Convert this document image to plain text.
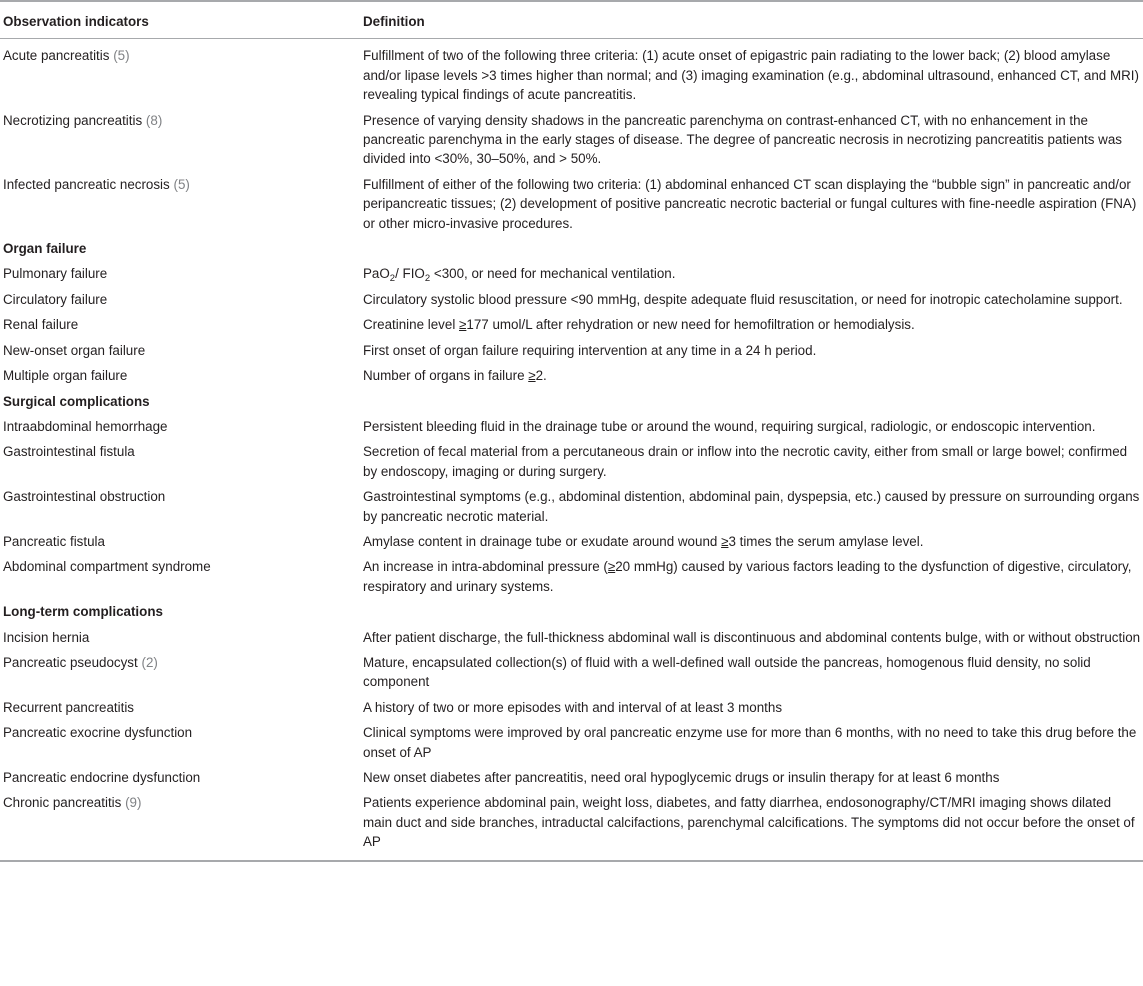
Observation indicators	Definition
Acute pancreatitis (5)	Fulfillment of two of the following three criteria: (1) acute onset of epigastric pain radiating to the lower back; (2) blood amylase and/or lipase levels >3 times higher than normal; and (3) imaging examination (e.g., abdominal ultrasound, enhanced CT, and MRI) revealing typical findings of acute pancreatitis.
Necrotizing pancreatitis (8)	Presence of varying density shadows in the pancreatic parenchyma on contrast-enhanced CT, with no enhancement in the pancreatic parenchyma in the early stages of disease. The degree of pancreatic necrosis in necrotizing pancreatitis patients was divided into <30%, 30–50%, and > 50%.
Infected pancreatic necrosis (5)	Fulfillment of either of the following two criteria: (1) abdominal enhanced CT scan displaying the “bubble sign” in pancreatic and/or peripancreatic tissues; (2) development of positive pancreatic necrotic bacterial or fungal cultures with fine-needle aspiration (FNA) or other micro-invasive procedures.
Organ failure	
Pulmonary failure	PaO$_2$/ $FIO_2 <300$, or need for mechanical ventilation.
Circulatory failure	Circulatory systolic blood pressure <90 mmHg, despite adequate fluid resuscitation, or need for inotropic catecholamine support.
Renal failure	Creatinine level ≥177 umol/L after rehydration or new need for hemofiltration or hemodialysis.
New-onset organ failure	First onset of organ failure requiring intervention at any time in a 24 h period.
Multiple organ failure	Number of organs in failure ≥2.
Surgical complications	
Intraabdominal hemorrhage	Persistent bleeding fluid in the drainage tube or around the wound, requiring surgical, radiologic, or endoscopic intervention.
Gastrointestinal fistula	Secretion of fecal material from a percutaneous drain or inflow into the necrotic cavity, either from small or large bowel; confirmed by endoscopy, imaging or during surgery.
Gastrointestinal obstruction	Gastrointestinal symptoms (e.g., abdominal distention, abdominal pain, dyspepsia, etc.) caused by pressure on surrounding organs by pancreatic necrotic material.
Pancreatic fistula	Amylase content in drainage tube or exudate around wound ≥3 times the serum amylase level.
Abdominal compartment syndrome	An increase in intra-abdominal pressure (≥20 mmHg) caused by various factors leading to the dysfunction of digestive, circulatory, respiratory and urinary systems.
Long-term complications	
Incision hernia	After patient discharge, the full-thickness abdominal wall is discontinuous and abdominal contents bulge, with or without obstruction
Pancreatic pseudocyst (2)	Mature, encapsulated collection(s) of fluid with a well-defined wall outside the pancreas, homogenous fluid density, no solid component
Recurrent pancreatitis	A history of two or more episodes with and interval of at least 3 months
Pancreatic exocrine dysfunction	Clinical symptoms were improved by oral pancreatic enzyme use for more than 6 months, with no need to take this drug before the onset of AP
Pancreatic endocrine dysfunction	New onset diabetes after pancreatitis, need oral hypoglycemic drugs or insulin therapy for at least 6 months
Chronic pancreatitis (9)	Patients experience abdominal pain, weight loss, diabetes, and fatty diarrhea, endosonography/CT/MRI imaging shows dilated main duct and side branches, intraductal calcifactions, parenchymal calcifications. The symptoms did not occur before the onset of AP
